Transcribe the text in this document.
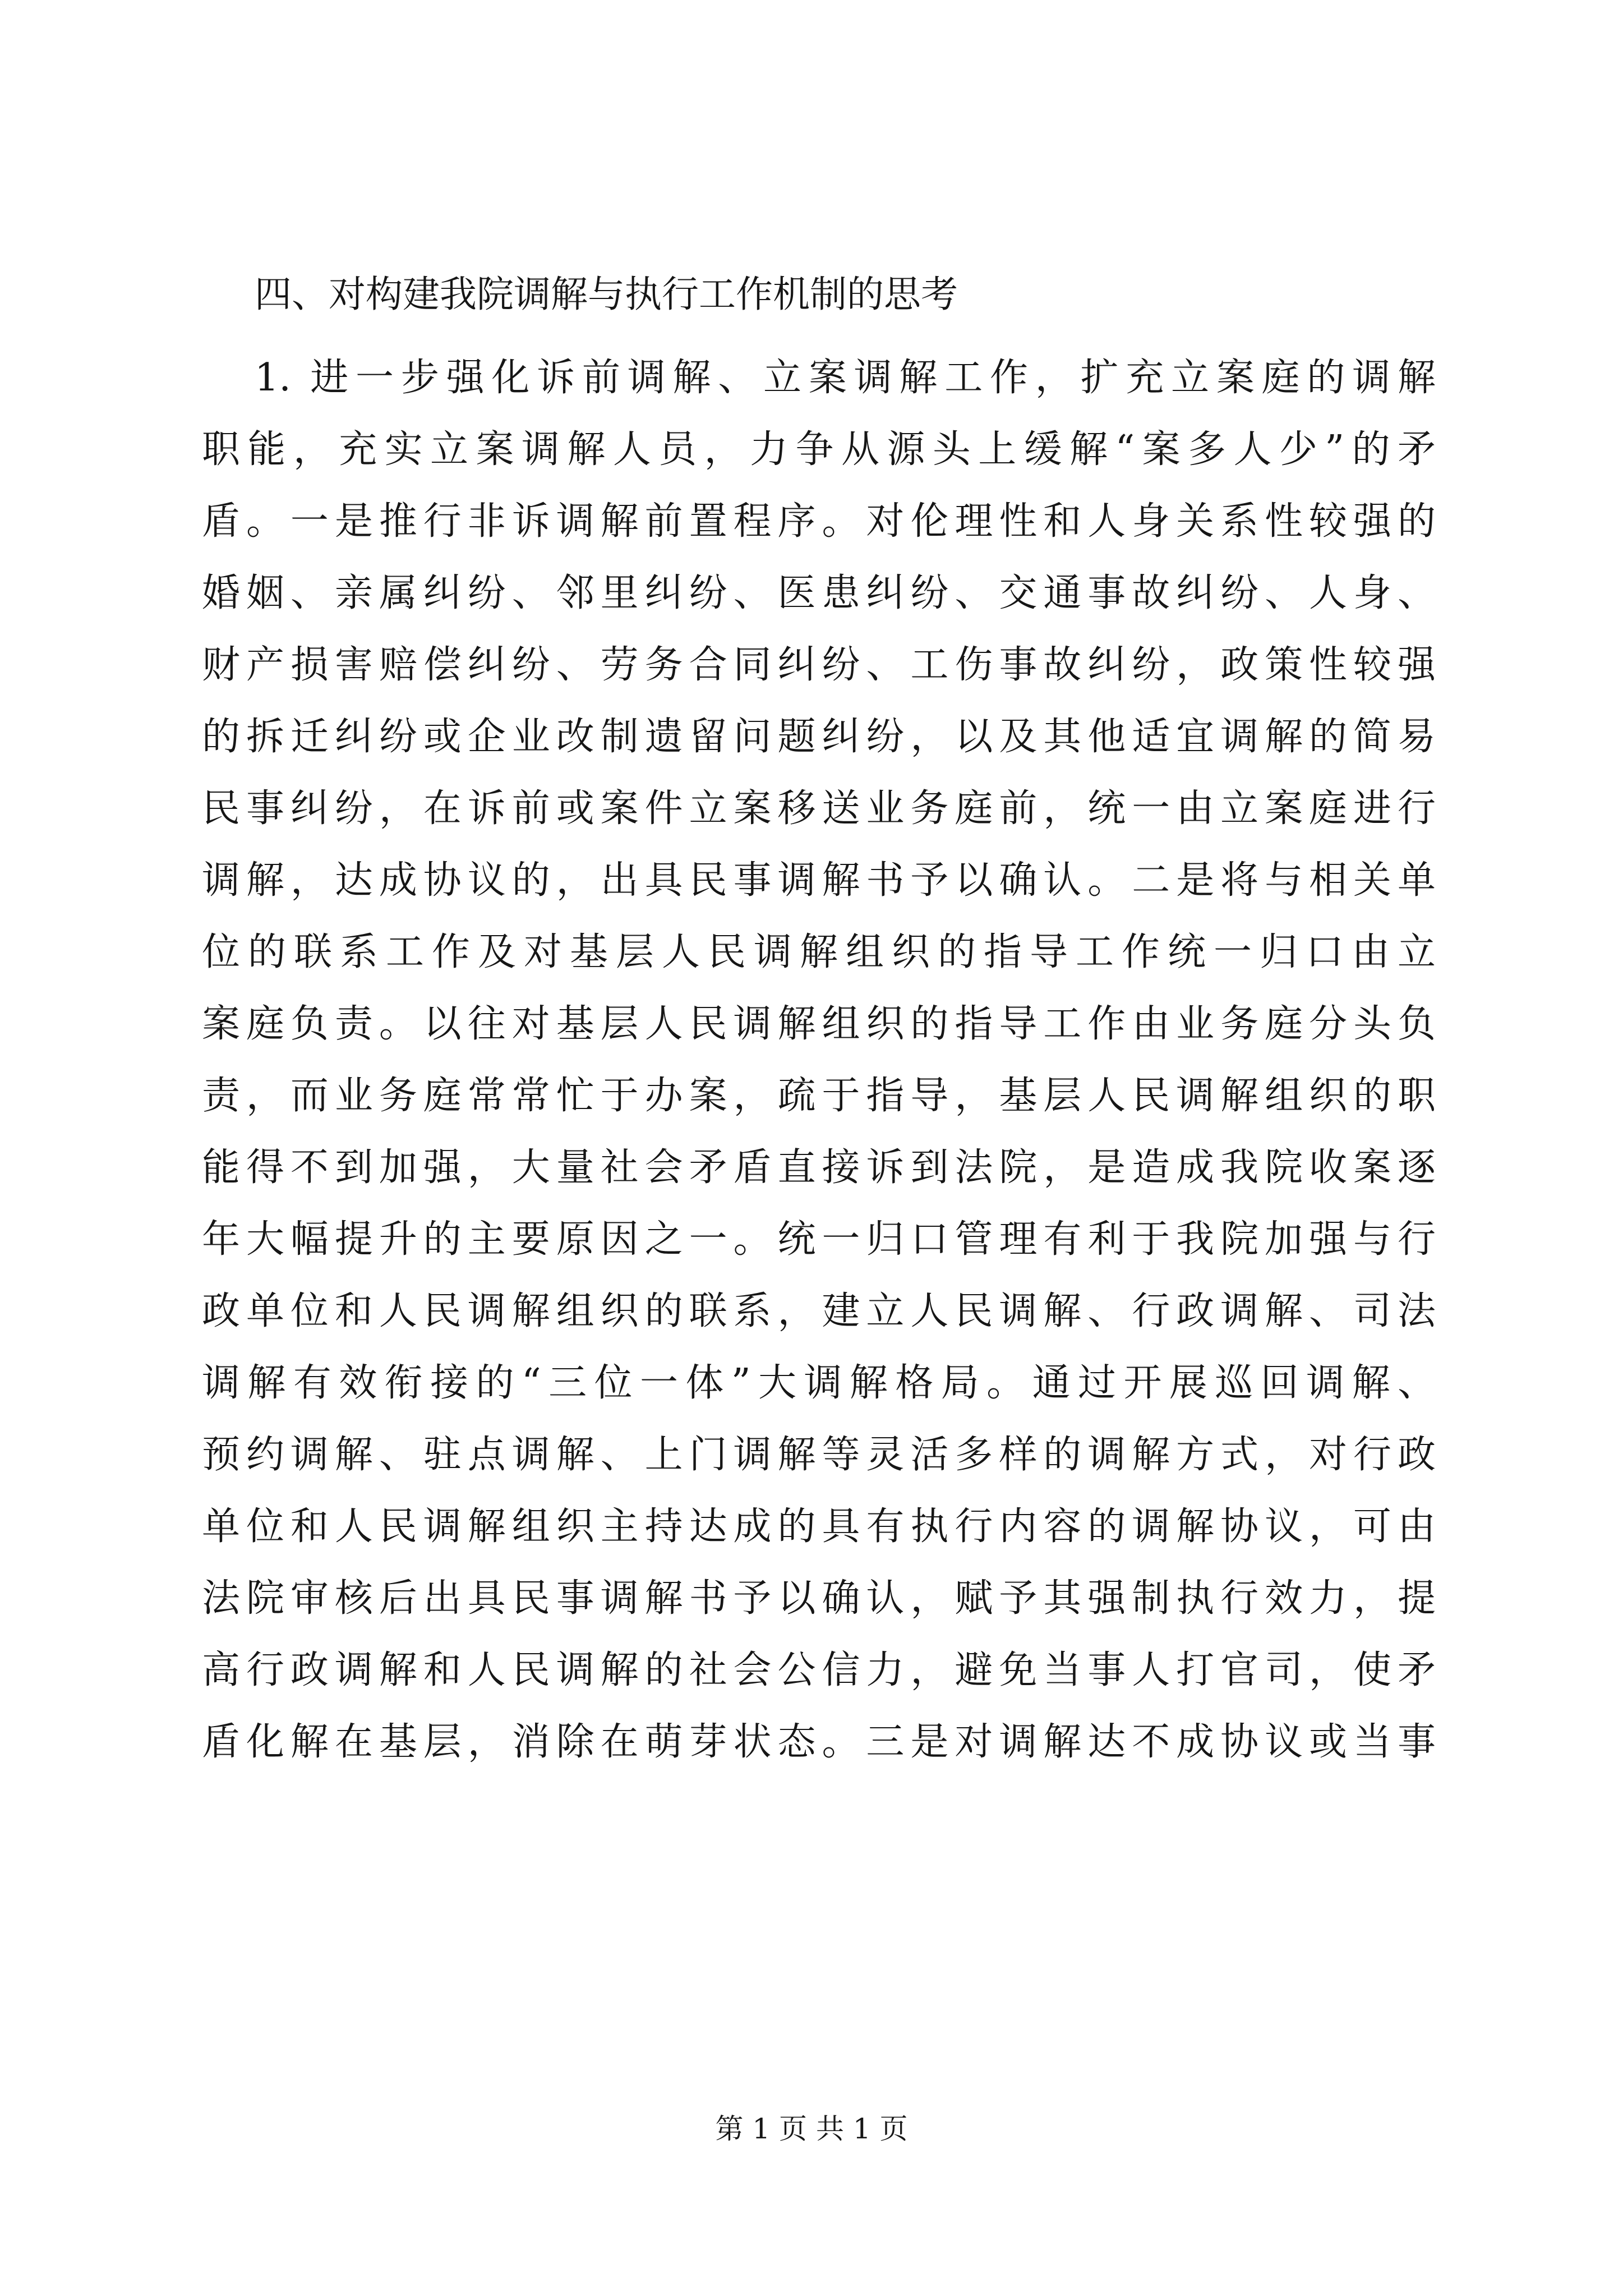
四、对构建我院调解与执行工作机制的思考
1. 进一步强化诉前调解、立案调解工作，扩充立案庭的调解
职能，充实立案调解人员，力争从源头上缓解“案多人少”的矛
盾。一是推行非诉调解前置程序。对伦理性和人身关系性较强的
婚姻、亲属纠纷、邻里纠纷、医患纠纷、交通事故纠纷、人身、
财产损害赔偿纠纷、劳务合同纠纷、工伤事故纠纷，政策性较强
的拆迁纠纷或企业改制遗留问题纠纷，以及其他适宜调解的简易
民事纠纷，在诉前或案件立案移送业务庭前，统一由立案庭进行
调解，达成协议的，出具民事调解书予以确认。二是将与相关单
位的联系工作及对基层人民调解组织的指导工作统一归口由立
案庭负责。以往对基层人民调解组织的指导工作由业务庭分头负
责，而业务庭常常忙于办案，疏于指导，基层人民调解组织的职
能得不到加强，大量社会矛盾直接诉到法院，是造成我院收案逐
年大幅提升的主要原因之一。统一归口管理有利于我院加强与行
政单位和人民调解组织的联系，建立人民调解、行政调解、司法
调解有效衔接的“三位一体”大调解格局。通过开展巡回调解、
预约调解、驻点调解、上门调解等灵活多样的调解方式，对行政
单位和人民调解组织主持达成的具有执行内容的调解协议，可由
法院审核后出具民事调解书予以确认，赋予其强制执行效力，提
高行政调解和人民调解的社会公信力，避免当事人打官司，使矛
盾化解在基层，消除在萌芽状态。三是对调解达不成协议或当事
第 1 页 共 1 页
